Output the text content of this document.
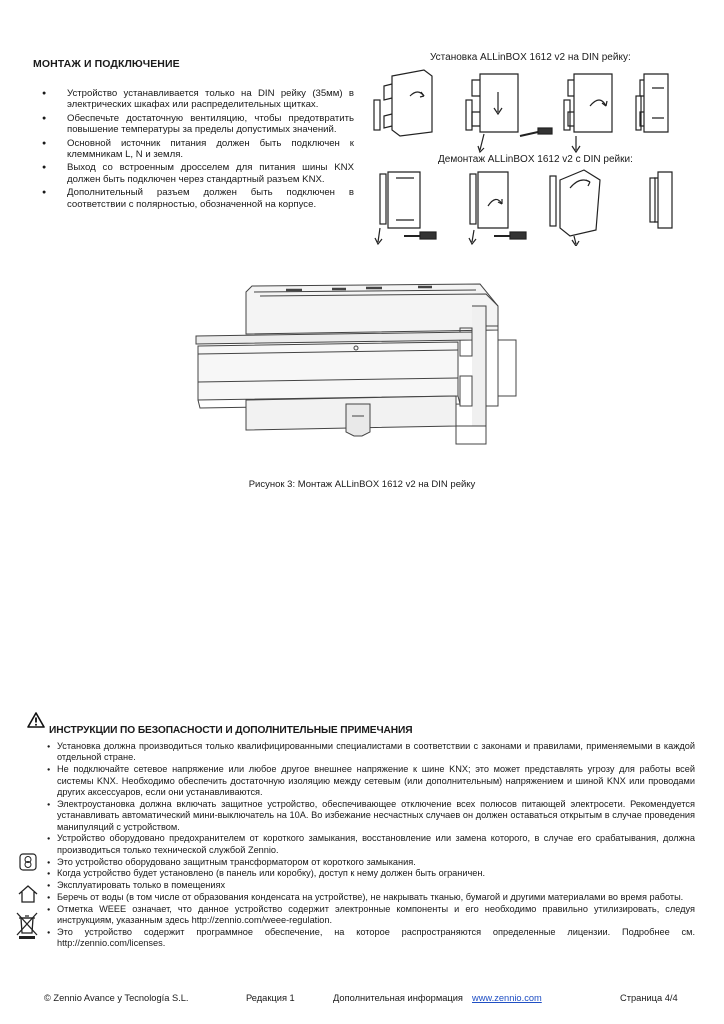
МОНТАЖ И ПОДКЛЮЧЕНИЕ
● Устройство устанавливается только на DIN рейку (35мм) в электрических шкафах или распределительных щитках.
● Обеспечьте достаточную вентиляцию, чтобы предотвратить повышение температуры за пределы допустимых значений.
● Основной источник питания должен быть подключен к клеммникам L, N и земля.
● Выход со встроенным дросселем для питания шины KNX должен быть подключен через стандартный разъем KNX.
● Дополнительный разъем должен быть подключен в соответствии с полярностью, обозначенной на корпусе.
Установка ALLinBOX 1612 v2 на DIN рейку:
Демонтаж ALLinBOX 1612 v2 с DIN рейки:
Рисунок 3: Монтаж ALLinBOX 1612 v2 на DIN рейку
ИНСТРУКЦИИ ПО БЕЗОПАСНОСТИ И ДОПОЛНИТЕЛЬНЫЕ ПРИМЕЧАНИЯ
● Установка должна производиться только квалифицированными специалистами в соответствии с законами и правилами, применяемыми в каждой отдельной стране.
● Не подключайте сетевое напряжение или любое другое внешнее напряжение к шине KNX; это может представлять угрозу для работы всей системы KNX. Необходимо обеспечить достаточную изоляцию между сетевым (или дополнительным) напряжением и шиной KNX или проводами других аксессуаров, если они устанавливаются.
● Электроустановка должна включать защитное устройство, обеспечивающее отключение всех полюсов питающей электросети. Рекомендуется устанавливать автоматический мини-выключатель на 10А. Во избежание несчастных случаев он должен оставаться открытым в случае проведения манипуляций с устройством.
● Устройство оборудовано предохранителем от короткого замыкания, восстановление или замена которого, в случае его срабатывания, должна производиться только технической службой Zennio.
● Это устройство оборудовано защитным трансформатором от короткого замыкания.
● Когда устройство будет установлено (в панель или коробку), доступ к нему должен быть ограничен.
● Эксплуатировать только в помещениях
● Беречь от воды (в том числе от образования конденсата на устройстве), не накрывать тканью, бумагой и другими материалами во время работы.
● Отметка WEEE означает, что данное устройство содержит электронные компоненты и его необходимо правильно утилизировать, следуя инструкциям, указанным здесь http://zennio.com/weee-regulation.
● Это устройство содержит программное обеспечение, на которое распространяются определенные лицензии. Подробнее см. http://zennio.com/licenses.
© Zennio Avance y Tecnología S.L.	Редакция 1	Дополнительная информация www.zennio.com	Страница 4/4
